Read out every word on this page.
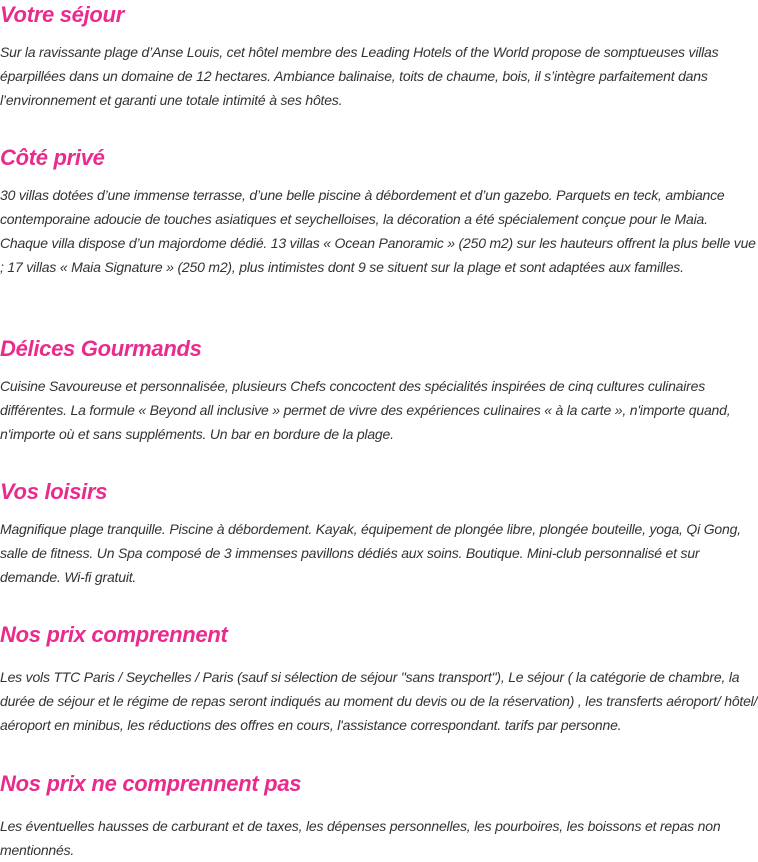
Votre séjour

Sur la ravissante plage d’Anse Louis, cet hôtel membre des Leading Hotels of the World propose de somptueuses villas éparpillées dans un domaine de 12 hectares. Ambiance balinaise, toits de chaume, bois, il s’intègre parfaitement dans l’environnement et garanti une totale intimité à ses hôtes.

Côté privé

30 villas dotées d’une immense terrasse, d’une belle piscine à débordement et d’un gazebo. Parquets en teck, ambiance contemporaine adoucie de touches asiatiques et seychelloises, la décoration a été spécialement conçue pour le Maia. Chaque villa dispose d’un majordome dédié. 13 villas « Ocean Panoramic » (250 m2) sur les hauteurs offrent la plus belle vue ; 17 villas « Maia Signature » (250 m2), plus intimistes dont 9 se situent sur la plage et sont adaptées aux familles.

Délices Gourmands

Cuisine Savoureuse et personnalisée, plusieurs Chefs concoctent des spécialités inspirées de cinq cultures culinaires différentes. La formule « Beyond all inclusive » permet de vivre des expériences culinaires « à la carte », n'importe quand, n'importe où et sans suppléments. Un bar en bordure de la plage.

Vos loisirs

Magnifique plage tranquille. Piscine à débordement. Kayak, équipement de plongée libre, plongée bouteille, yoga, Qi Gong, salle de fitness. Un Spa composé de 3 immenses pavillons dédiés aux soins. Boutique. Mini-club personnalisé et sur demande. Wi-fi gratuit.

Nos prix comprennent

Les vols TTC Paris / Seychelles / Paris (sauf si sélection de séjour "sans transport"), Le séjour ( la catégorie de chambre, la durée de séjour et le régime de repas seront indiqués au moment du devis ou de la réservation) , les transferts aéroport/ hôtel/ aéroport en minibus, les réductions des offres en cours, l'assistance correspondant. tarifs par personne.

Nos prix ne comprennent pas

Les éventuelles hausses de carburant et de taxes, les dépenses personnelles, les pourboires, les boissons et repas non mentionnés.
